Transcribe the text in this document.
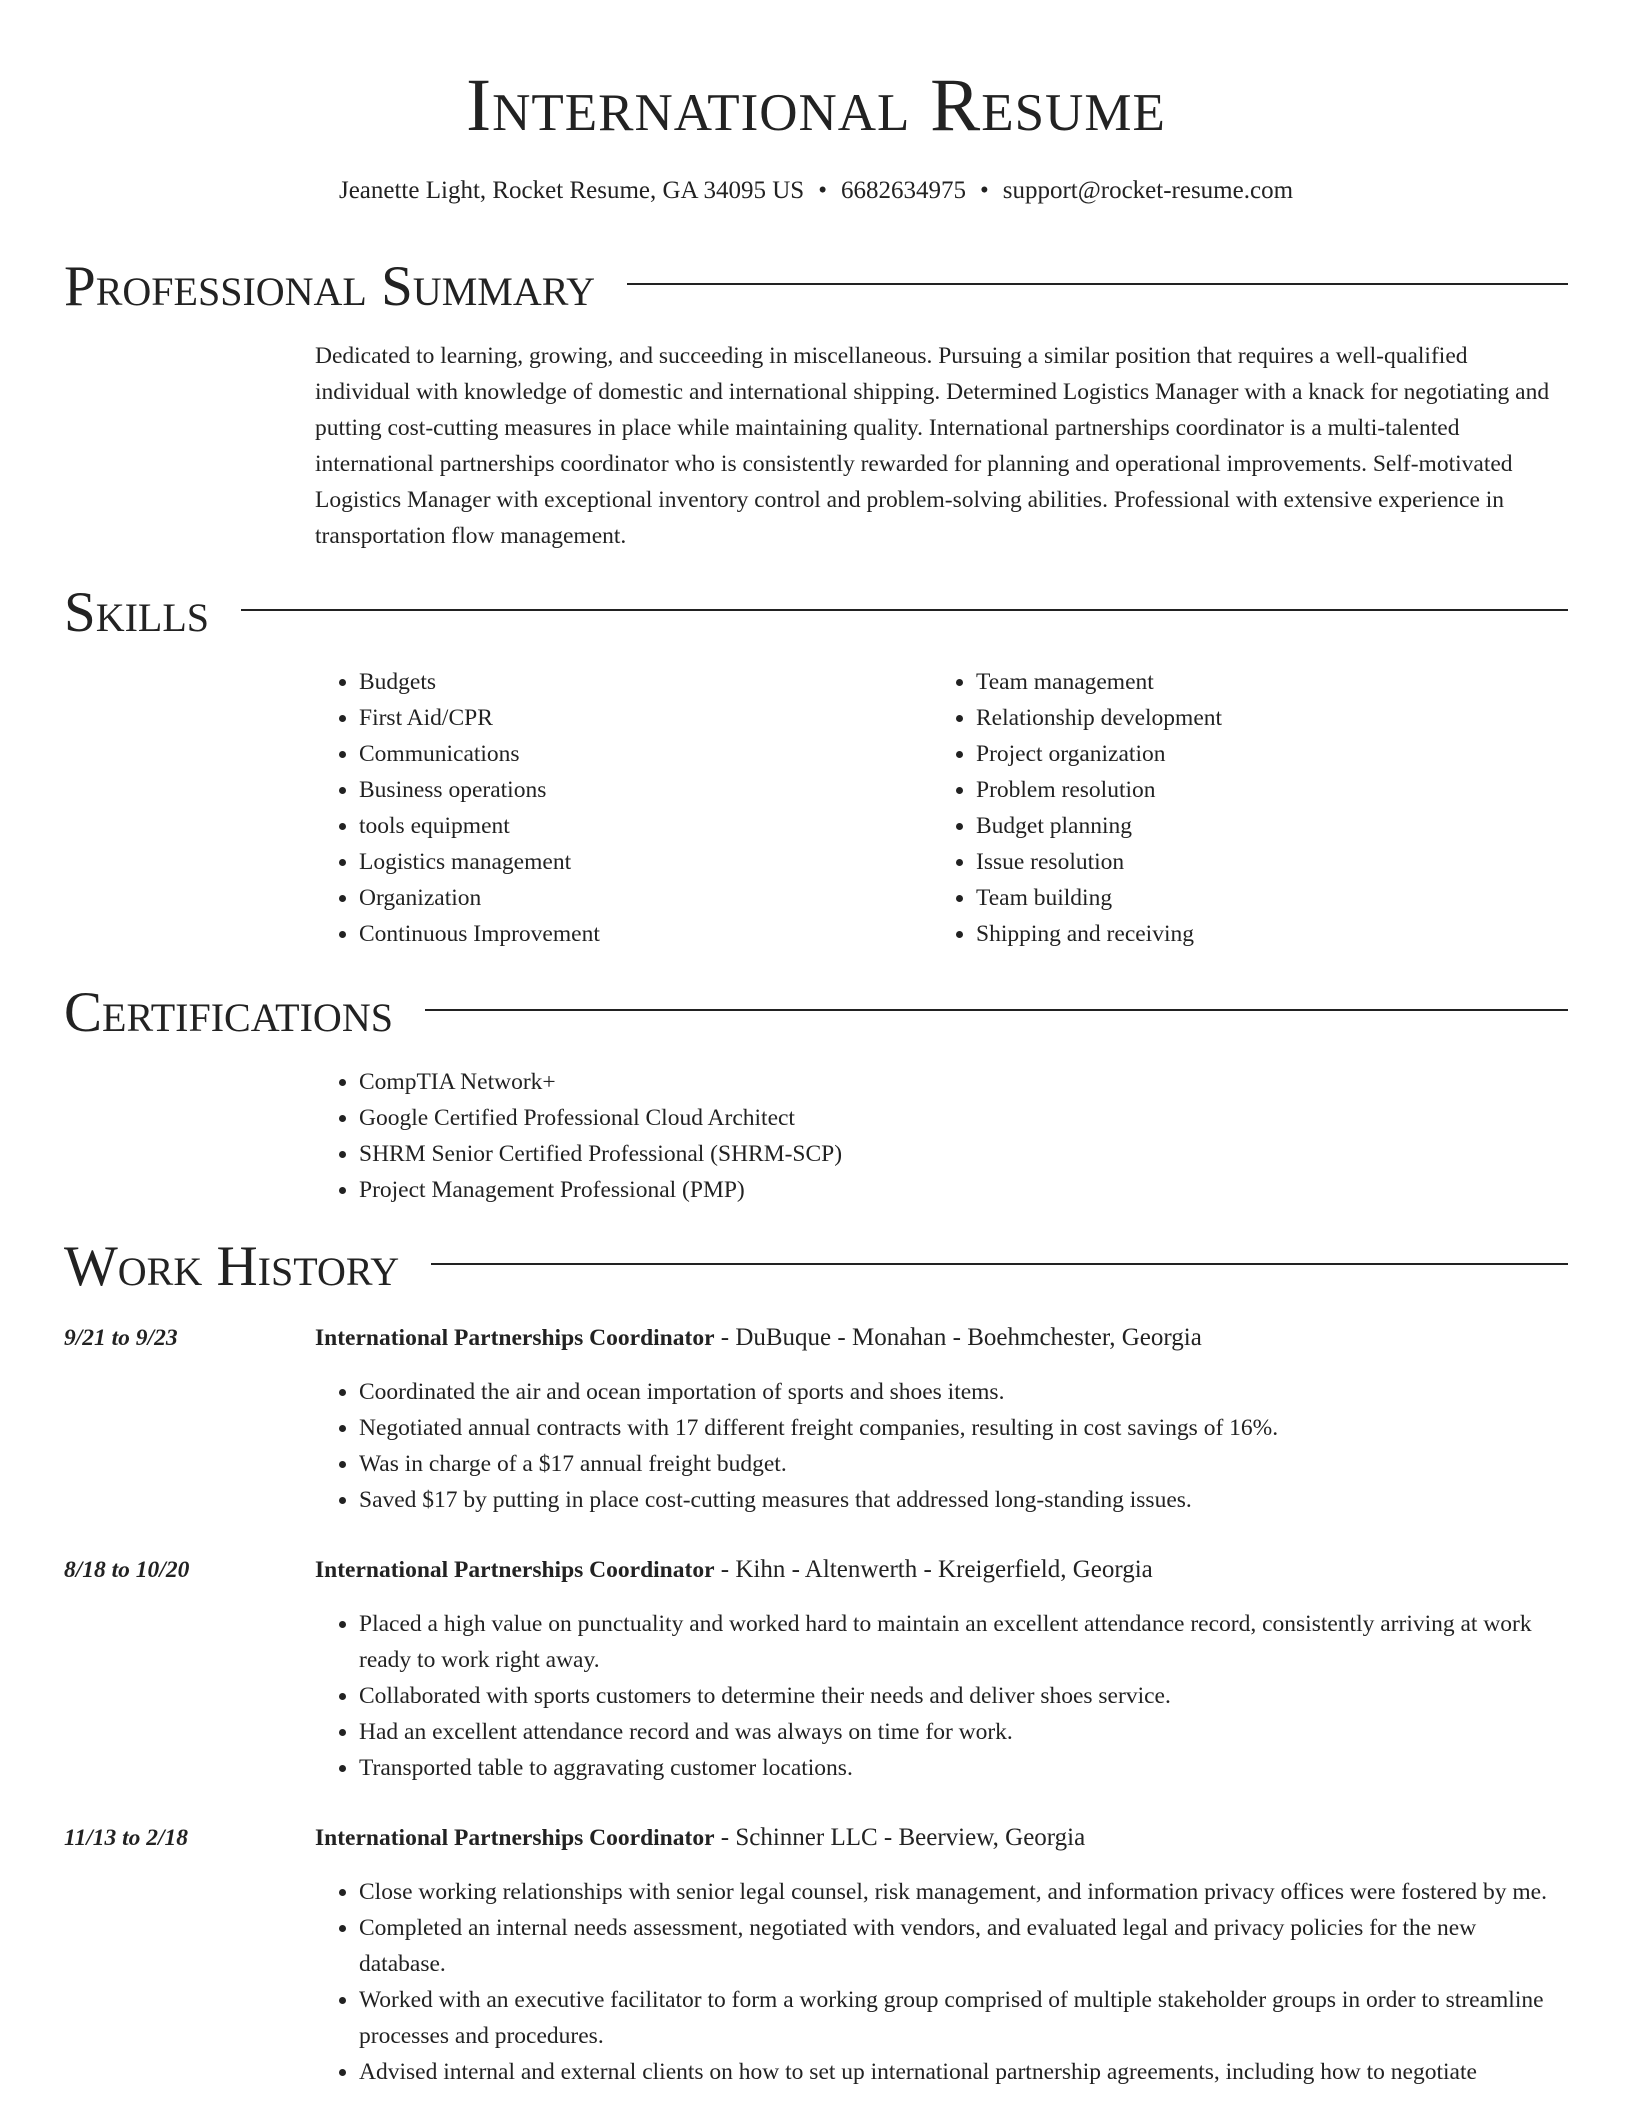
International Resume
Jeanette Light, Rocket Resume, GA 34095 US • 6682634975 • support@rocket-resume.com
Professional Summary
Dedicated to learning, growing, and succeeding in miscellaneous. Pursuing a similar position that requires a well-qualified individual with knowledge of domestic and international shipping. Determined Logistics Manager with a knack for negotiating and putting cost-cutting measures in place while maintaining quality. International partnerships coordinator is a multi-talented international partnerships coordinator who is consistently rewarded for planning and operational improvements. Self-motivated Logistics Manager with exceptional inventory control and problem-solving abilities. Professional with extensive experience in transportation flow management.
Skills
• Budgets
• First Aid/CPR
• Communications
• Business operations
• tools equipment
• Logistics management
• Organization
• Continuous Improvement
• Team management
• Relationship development
• Project organization
• Problem resolution
• Budget planning
• Issue resolution
• Team building
• Shipping and receiving
Certifications
• CompTIA Network+
• Google Certified Professional Cloud Architect
• SHRM Senior Certified Professional (SHRM-SCP)
• Project Management Professional (PMP)
Work History
9/21 to 9/23	International Partnerships Coordinator - DuBuque - Monahan - Boehmchester, Georgia
• Coordinated the air and ocean importation of sports and shoes items.
• Negotiated annual contracts with 17 different freight companies, resulting in cost savings of 16%.
• Was in charge of a $17 annual freight budget.
• Saved $17 by putting in place cost-cutting measures that addressed long-standing issues.
8/18 to 10/20	International Partnerships Coordinator - Kihn - Altenwerth - Kreigerfield, Georgia
• Placed a high value on punctuality and worked hard to maintain an excellent attendance record, consistently arriving at work ready to work right away.
• Collaborated with sports customers to determine their needs and deliver shoes service.
• Had an excellent attendance record and was always on time for work.
• Transported table to aggravating customer locations.
11/13 to 2/18	International Partnerships Coordinator - Schinner LLC - Beerview, Georgia
• Close working relationships with senior legal counsel, risk management, and information privacy offices were fostered by me.
• Completed an internal needs assessment, negotiated with vendors, and evaluated legal and privacy policies for the new database.
• Worked with an executive facilitator to form a working group comprised of multiple stakeholder groups in order to streamline processes and procedures.
• Advised internal and external clients on how to set up international partnership agreements, including how to negotiate
